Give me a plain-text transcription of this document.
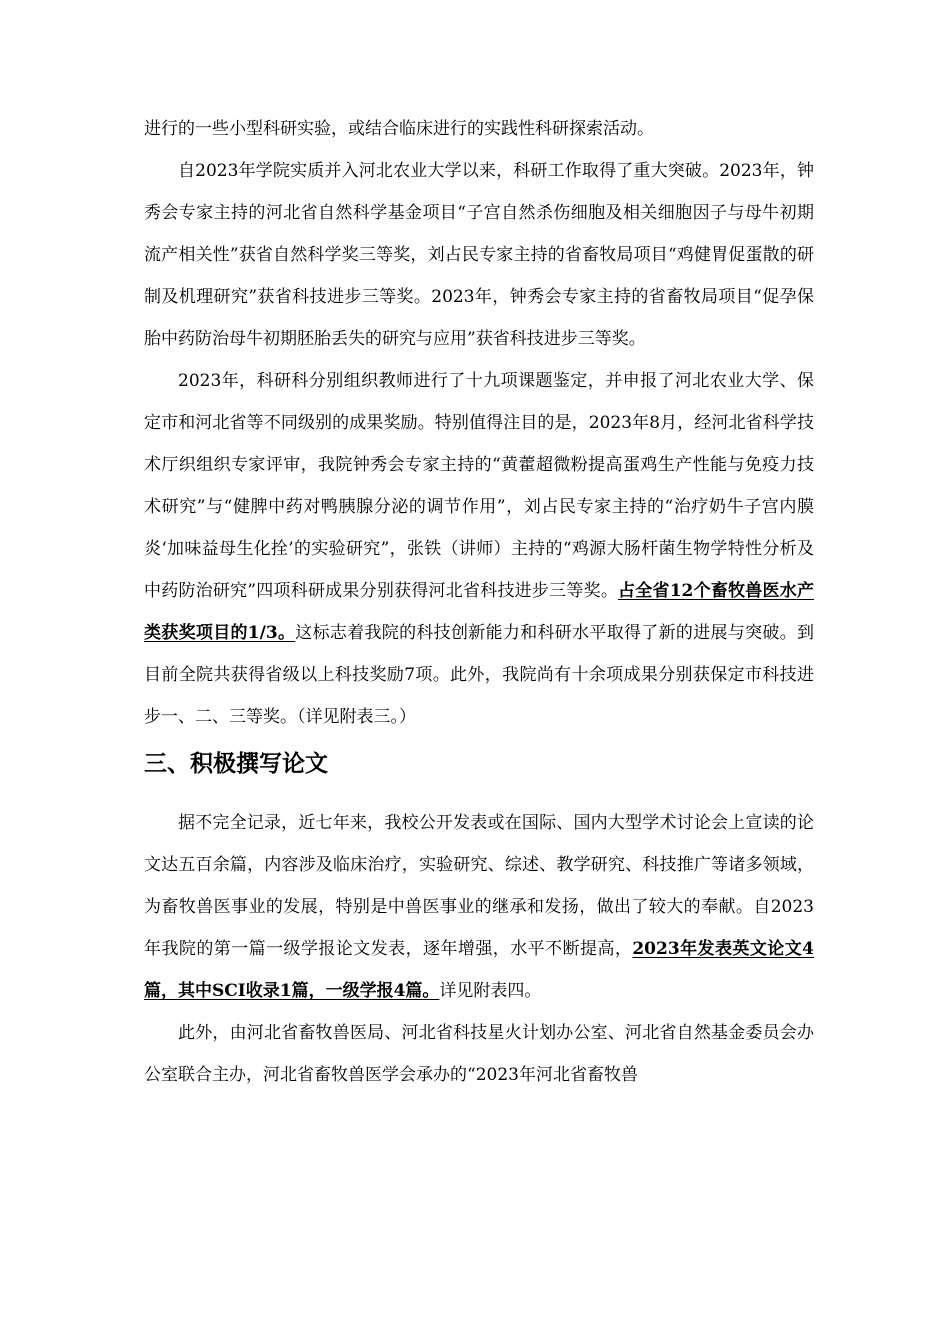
进行的一些小型科研实验，或结合临床进行的实践性科研探索活动。

自2023年学院实质并入河北农业大学以来，科研工作取得了重大突破。2023年，钟秀会专家主持的河北省自然科学基金项目“子宫自然杀伤细胞及相关细胞因子与母牛初期流产相关性”获省自然科学奖三等奖，刘占民专家主持的省畜牧局项目“鸡健胃促蛋散的研制及机理研究”获省科技进步三等奖。2023年，钟秀会专家主持的省畜牧局项目“促孕保胎中药防治母牛初期胚胎丢失的研究与应用”获省科技进步三等奖。

2023年，科研科分别组织教师进行了十九项课题鉴定，并申报了河北农业大学、保定市和河北省等不同级别的成果奖励。特别值得注目的是，2023年8月，经河北省科学技术厅织组织专家评审，我院钟秀会专家主持的“黄藿超微粉提高蛋鸡生产性能与免疫力技术研究”与“健脾中药对鸭胰腺分泌的调节作用”，刘占民专家主持的“治疗奶牛子宫内膜炎‘加味益母生化拴’的实验研究”，张铁（讲师）主持的“鸡源大肠杆菌生物学特性分析及中药防治研究”四项科研成果分别获得河北省科技进步三等奖。占全省12个畜牧兽医水产类获奖项目的1/3。这标志着我院的科技创新能力和科研水平取得了新的进展与突破。到目前全院共获得省级以上科技奖励7项。此外，我院尚有十余项成果分别获保定市科技进步一、二、三等奖。（详见附表三。）

三、积极撰写论文

据不完全记录，近七年来，我校公开发表或在国际、国内大型学术讨论会上宣读的论文达五百余篇，内容涉及临床治疗，实验研究、综述、教学研究、科技推广等诸多领域，为畜牧兽医事业的发展，特别是中兽医事业的继承和发扬，做出了较大的奉献。自2023年我院的第一篇一级学报论文发表，逐年增强，水平不断提高，2023年发表英文论文4篇，其中SCI收录1篇，一级学报4篇。详见附表四。

此外，由河北省畜牧兽医局、河北省科技星火计划办公室、河北省自然基金委员会办公室联合主办，河北省畜牧兽医学会承办的“2023年河北省畜牧兽
